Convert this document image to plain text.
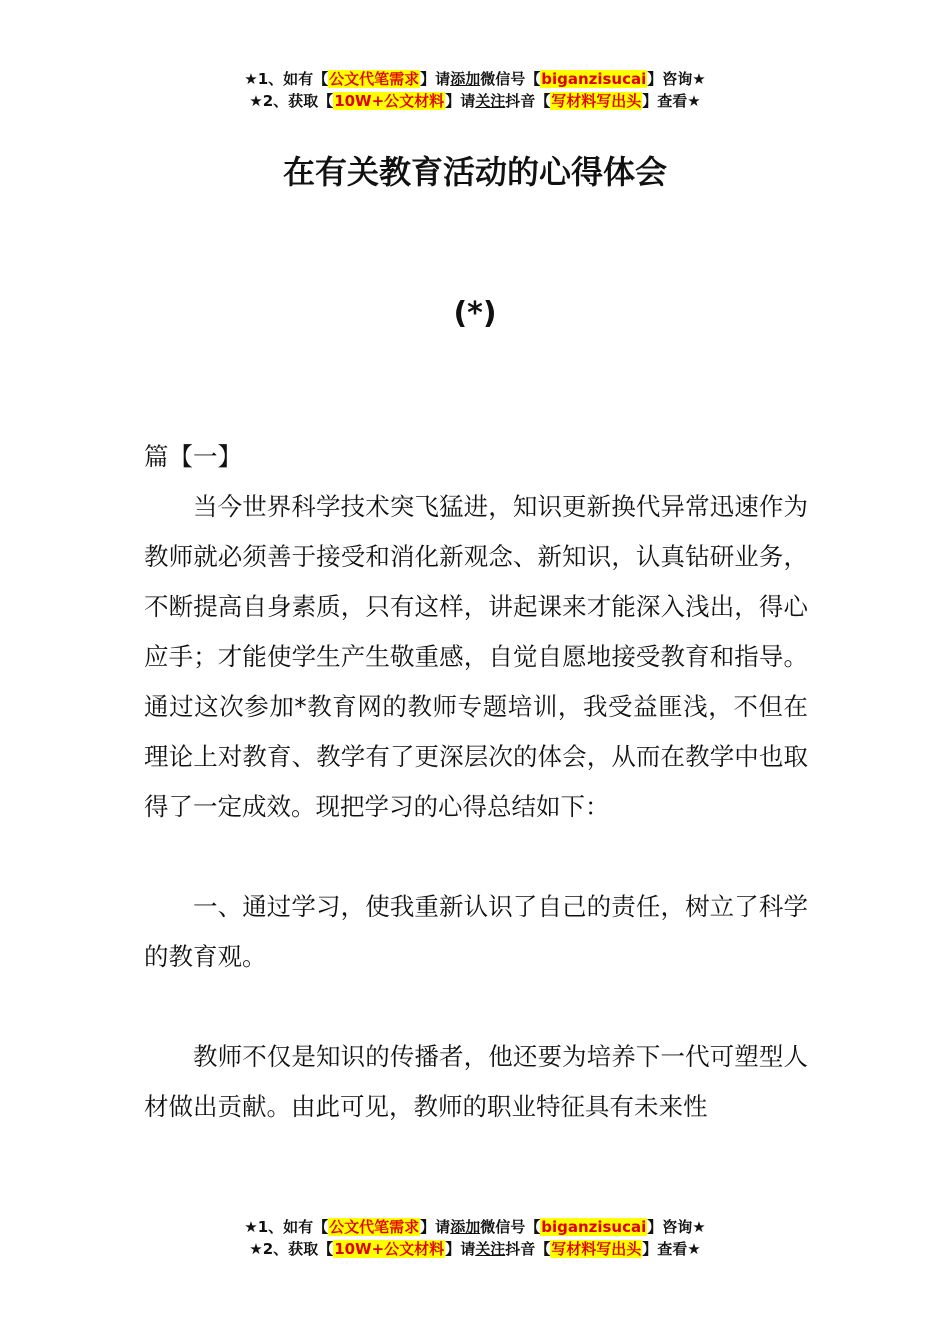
★1、如有【公文代笔需求】请添加微信号【biganzisucai】咨询★
★2、获取【10W+公文材料】请关注抖音【写材料写出头】查看★
在有关教育活动的心得体会
(*)

篇【一】

当今世界科学技术突飞猛进，知识更新换代异常迅速作为教师就必须善于接受和消化新观念、新知识，认真钻研业务，不断提高自身素质，只有这样，讲起课来才能深入浅出，得心应手；才能使学生产生敬重感，自觉自愿地接受教育和指导。通过这次参加*教育网的教师专题培训，我受益匪浅，不但在理论上对教育、教学有了更深层次的体会，从而在教学中也取得了一定成效。现把学习的心得总结如下：

一、通过学习，使我重新认识了自己的责任，树立了科学的教育观。

教师不仅是知识的传播者，他还要为培养下一代可塑型人材做出贡献。由此可见，教师的职业特征具有未来性

★1、如有【公文代笔需求】请添加微信号【biganzisucai】咨询★
★2、获取【10W+公文材料】请关注抖音【写材料写出头】查看★
